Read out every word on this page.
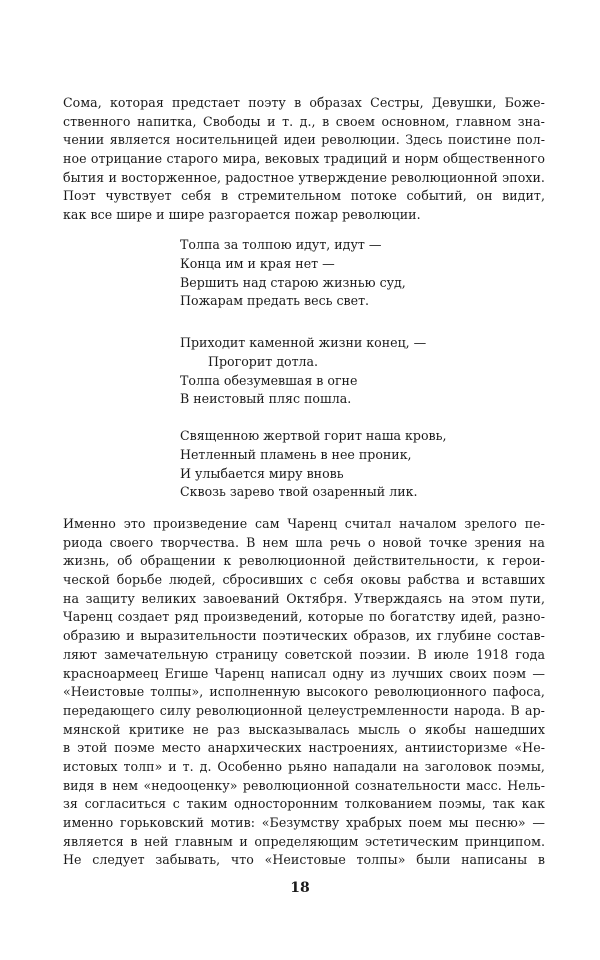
Сома, которая предстает поэту в образах Сестры, Девушки, Боже-
ственного напитка, Свободы и т. д., в своем основном, главном зна-
чении является носительницей идеи революции. Здесь поистине пол-
ное отрицание старого мира, вековых традиций и норм общественного
бытия и восторженное, радостное утверждение революционной эпохи.
Поэт чувствует себя в стремительном потоке событий, он видит,
как все шире и шире разгорается пожар революции.
Толпа за толпою идут, идут —
Конца им и края нет —
Вершить над старою жизнью суд,
Пожарам предать весь свет.
Приходит каменной жизни конец, —
Прогорит дотла.
Толпа обезумевшая в огне
В неистовый пляс пошла.
Священною жертвой горит наша кровь,
Нетленный пламень в нее проник,
И улыбается миру вновь
Сквозь зарево твой озаренный лик.
Именно это произведение сам Чаренц считал началом зрелого пе-
риода своего творчества. В нем шла речь о новой точке зрения на
жизнь, об обращении к революционной действительности, к герои-
ческой борьбе людей, сбросивших с себя оковы рабства и вставших
на защиту великих завоеваний Октября. Утверждаясь на этом пути,
Чаренц создает ряд произведений, которые по богатству идей, разно-
образию и выразительности поэтических образов, их глубине состав-
ляют замечательную страницу советской поэзии. В июле 1918 года
красноармеец Егише Чаренц написал одну из лучших своих поэм —
«Неистовые толпы», исполненную высокого революционного пафоса,
передающего силу революционной целеустремленности народа. В ар-
мянской критике не раз высказывалась мысль о якобы нашедших
в этой поэме место анархических настроениях, антиисторизме «Не-
истовых толп» и т. д. Особенно рьяно нападали на заголовок поэмы,
видя в нем «недооценку» революционной сознательности масс. Нель-
зя согласиться с таким односторонним толкованием поэмы, так как
именно горьковский мотив: «Безумству храбрых поем мы песню» —
является в ней главным и определяющим эстетическим принципом.
Не следует забывать, что «Неистовые толпы» были написаны в
18
